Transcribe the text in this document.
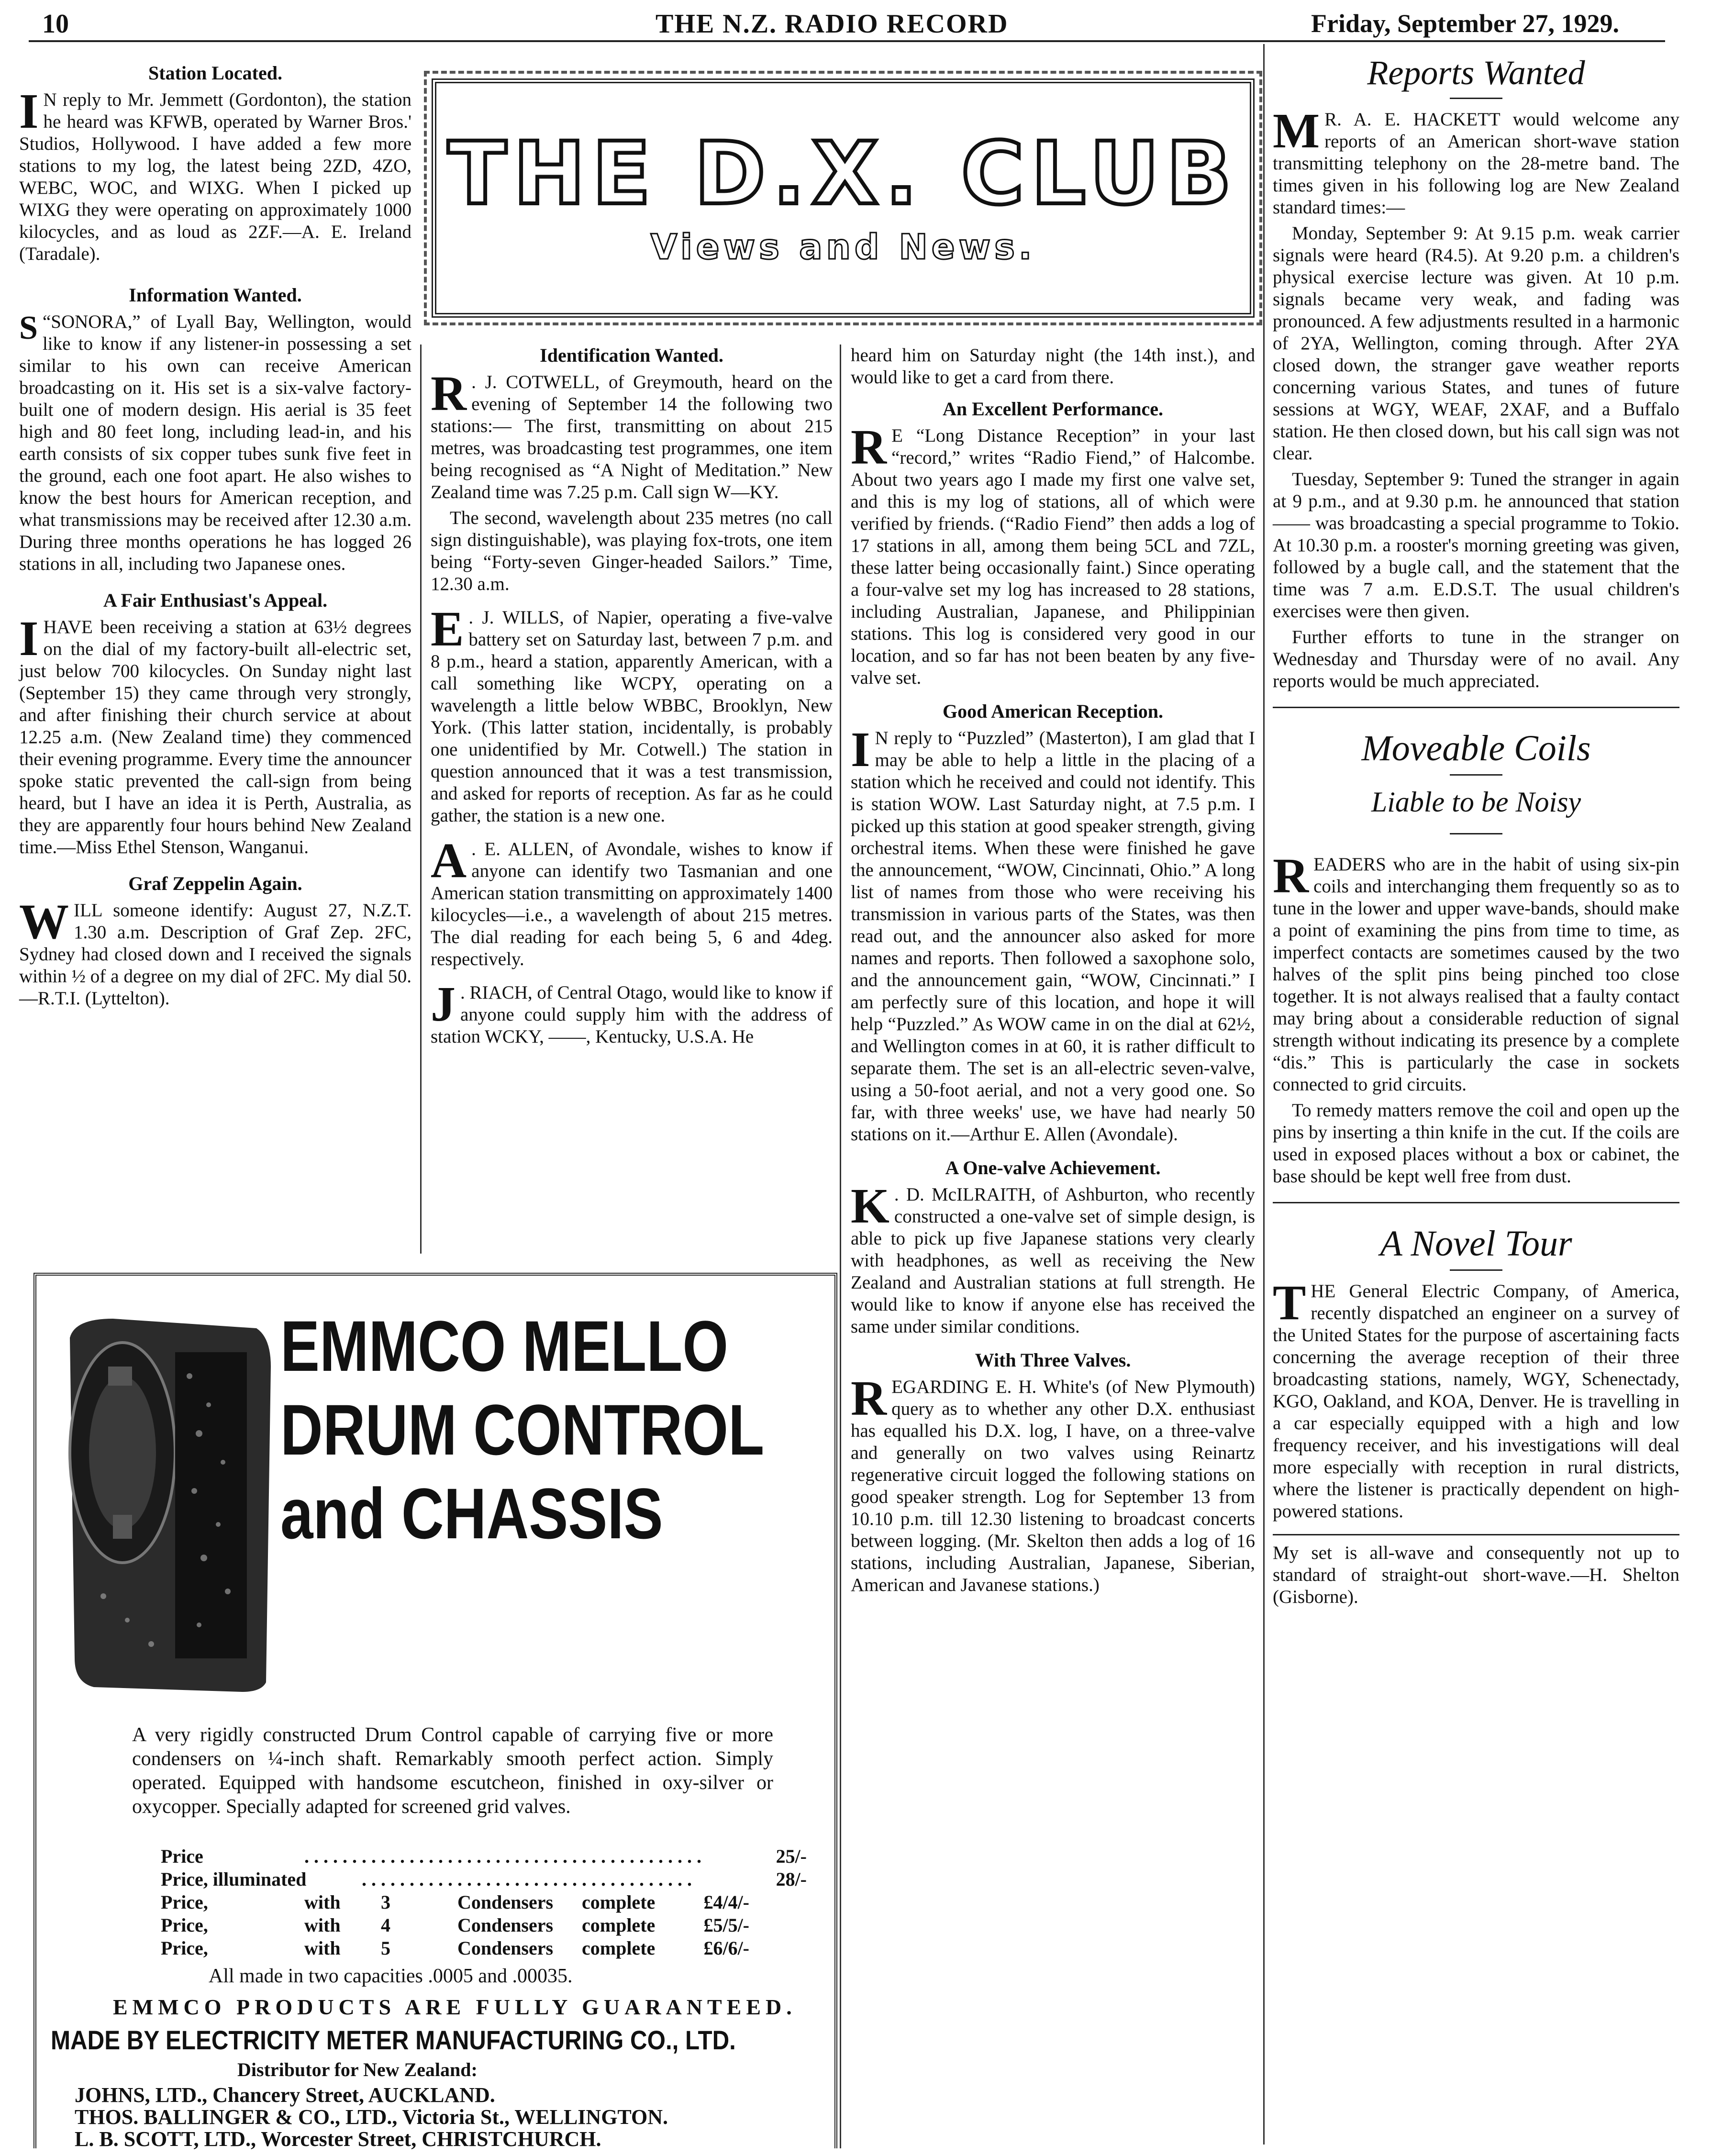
10	THE N.Z. RADIO RECORD	Friday, September 27, 1929.
THE D.X. CLUB
Views and News.
Station Located.

I N reply to Mr. Jemmett (Gordonton), the station he heard was KFWB, operated by Warner Bros.' Studios, Hollywood. I have added a few more stations to my log, the latest being 2ZD, 4ZO, WEBC, WOC, and WIXG. When I picked up WIXG they were operating on approximately 1000 kilocycles, and as loud as 2ZF.—A. E. Ireland (Taradale).

Information Wanted.

S “SONORA,” of Lyall Bay, Wellington, would like to know if any listener-in possessing a set similar to his own can receive American broadcasting on it. His set is a six-valve factory-built one of modern design. His aerial is 35 feet high and 80 feet long, including lead-in, and his earth consists of six copper tubes sunk five feet in the ground, each one foot apart. He also wishes to know the best hours for American reception, and what transmissions may be received after 12.30 a.m. During three months operations he has logged 26 stations in all, including two Japanese ones.

A Fair Enthusiast's Appeal.

IHAVE been receiving a station at 63½ degrees on the dial of my factory-built all-electric set, just below 700 kilocycles. On Sunday night last (September 15) they came through very strongly, and after finishing their church service at about 12.25 a.m. (New Zealand time) they commenced their evening programme. Every time the announcer spoke static prevented the call-sign from being heard, but I have an idea it is Perth, Australia, as they are apparently four hours behind New Zealand time.—Miss Ethel Stenson, Wanganui.

Graf Zeppelin Again.

WILL someone identify: August 27, N.Z.T. 1.30 a.m. Description of Graf Zep. 2FC, Sydney had closed down and I received the signals within ½ of a degree on my dial of 2FC. My dial 50.—R.T.I. (Lyttelton).

Identification Wanted.

R . J. COTWELL, of Greymouth, heard on the evening of September 14 the following two stations:— The first, transmitting on about 215 metres, was broadcasting test programmes, one item being recognised as “A Night of Meditation.” New Zealand time was 7.25 p.m. Call sign W—KY.

The second, wavelength about 235 metres (no call sign distinguishable), was playing fox-trots, one item being “Forty-seven Ginger-headed Sailors.” Time, 12.30 a.m.

E . J. WILLS, of Napier, operating a five-valve battery set on Saturday last, between 7 p.m. and 8 p.m., heard a station, apparently American, with a call something like WCPY, operating on a wavelength a little below WBBC, Brooklyn, New York. (This latter station, incidentally, is probably one unidentified by Mr. Cotwell.) The station in question announced that it was a test transmission, and asked for reports of reception. As far as he could gather, the station is a new one.

A . E. ALLEN, of Avondale, wishes to know if anyone can identify two Tasmanian and one American station transmitting on approximately 1400 kilocycles—i.e., a wavelength of about 215 metres. The dial reading for each being 5, 6 and 4deg. respectively.

J . RIACH, of Central Otago, would like to know if anyone could supply him with the address of station WCKY, ——, Kentucky, U.S.A. He

heard him on Saturday night (the 14th inst.), and would like to get a card from there.

An Excellent Performance.

R E “Long Distance Reception” in your last “record,” writes “Radio Fiend,” of Halcombe. About two years ago I made my first one valve set, and this is my log of stations, all of which were verified by friends. (“Radio Fiend” then adds a log of 17 stations in all, among them being 5CL and 7ZL, these latter being occasionally faint.) Since operating a four-valve set my log has increased to 28 stations, including Australian, Japanese, and Philippinian stations. This log is considered very good in our location, and so far has not been beaten by any five-valve set.

Good American Reception.

I N reply to “Puzzled” (Masterton), I am glad that I may be able to help a little in the placing of a station which he received and could not identify. This is station WOW. Last Saturday night, at 7.5 p.m. I picked up this station at good speaker strength, giving orchestral items. When these were finished he gave the announcement, “WOW, Cincinnati, Ohio.” A long list of names from those who were receiving his transmission in various parts of the States, was then read out, and the announcer also asked for more names and reports. Then followed a saxophone solo, and the announcement gain, “WOW, Cincinnati.” I am perfectly sure of this location, and hope it will help “Puzzled.” As WOW came in on the dial at 62½, and Wellington comes in at 60, it is rather difficult to separate them. The set is an all-electric seven-valve, using a 50-foot aerial, and not a very good one. So far, with three weeks' use, we have had nearly 50 stations on it.—Arthur E. Allen (Avondale).

A One-valve Achievement.

K . D. McILRAITH, of Ashburton, who recently constructed a one-valve set of simple design, is able to pick up five Japanese stations very clearly with headphones, as well as receiving the New Zealand and Australian stations at full strength. He would like to know if anyone else has received the same under similar conditions.

With Three Valves.

REGARDING E. H. White's (of New Plymouth) query as to whether any other D.X. enthusiast has equalled his D.X. log, I have, on a three-valve and generally on two valves using Reinartz regenerative circuit logged the following stations on good speaker strength. Log for September 13 from 10.10 p.m. till 12.30 listening to broadcast concerts between logging. (Mr. Skelton then adds a log of 16 stations, including Australian, Japanese, Siberian, American and Javanese stations.)

Reports Wanted

M R. A. E. HACKETT would welcome any reports of an American short-wave station transmitting telephony on the 28-metre band. The times given in his following log are New Zealand standard times:—

Monday, September 9: At 9.15 p.m. weak carrier signals were heard (R4.5). At 9.20 p.m. a children's physical exercise lecture was given. At 10 p.m. signals became very weak, and fading was pronounced. A few adjustments resulted in a harmonic of 2YA, Wellington, coming through. After 2YA closed down, the stranger gave weather reports concerning various States, and tunes of future sessions at WGY, WEAF, 2XAF, and a Buffalo station. He then closed down, but his call sign was not clear.

Tuesday, September 9: Tuned the stranger in again at 9 p.m., and at 9.30 p.m. he announced that station —— was broadcasting a special programme to Tokio. At 10.30 p.m. a rooster's morning greeting was given, followed by a bugle call, and the statement that the time was 7 a.m. E.D.S.T. The usual children's exercises were then given.

Further efforts to tune in the stranger on Wednesday and Thursday were of no avail. Any reports would be much appreciated.

Moveable Coils
Liable to be Noisy

READERS who are in the habit of using six-pin coils and interchanging them frequently so as to tune in the lower and upper wave-bands, should make a point of examining the pins from time to time, as imperfect contacts are sometimes caused by the two halves of the split pins being pinched too close together. It is not always realised that a faulty contact may bring about a considerable reduction of signal strength without indicating its presence by a complete “dis.” This is particularly the case in sockets connected to grid circuits.

To remedy matters remove the coil and open up the pins by inserting a thin knife in the cut. If the coils are used in exposed places without a box or cabinet, the base should be kept well free from dust.

A Novel Tour

THE General Electric Company, of America, recently dispatched an engineer on a survey of the United States for the purpose of ascertaining facts concerning the average reception of their three broadcasting stations, namely, WGY, Schenectady, KGO, Oakland, and KOA, Denver. He is travelling in a car especially equipped with a high and low frequency receiver, and his investigations will deal more especially with reception in rural districts, where the listener is practically dependent on high-powered stations.

My set is all-wave and consequently not up to standard of straight-out short-wave.—H. Shelton (Gisborne).

EMMCO MELLO
DRUM CONTROL
and CHASSIS
A very rigidly constructed Drum Control capable of carrying five or more condensers on ¼-inch shaft. Remarkably smooth perfect action. Simply operated. Equipped with handsome escutcheon, finished in oxy-silver or oxycopper. Specially adapted for screened grid valves.
Price	. . . . . . . . . . . . . . . . . . . . . . . . . . . . . . . . . . . . . . . . . .	25/-
Price, illuminated	. . . . . . . . . . . . . . . . . . . . . . . . . . . . . . . . . . .	28/-
Price,	with	3	Condensers	complete	£4/4/-
Price,	with	4	Condensers	complete	£5/5/-
Price,	with	5	Condensers	complete	£6/6/-
All made in two capacities .0005 and .00035.
EMMCO PRODUCTS ARE FULLY GUARANTEED.
MADE BY ELECTRICITY METER MANUFACTURING CO., LTD.
Distributor for New Zealand:
JOHNS, LTD., Chancery Street, AUCKLAND.
THOS. BALLINGER & CO., LTD., Victoria St., WELLINGTON.
L. B. SCOTT, LTD., Worcester Street, CHRISTCHURCH.
